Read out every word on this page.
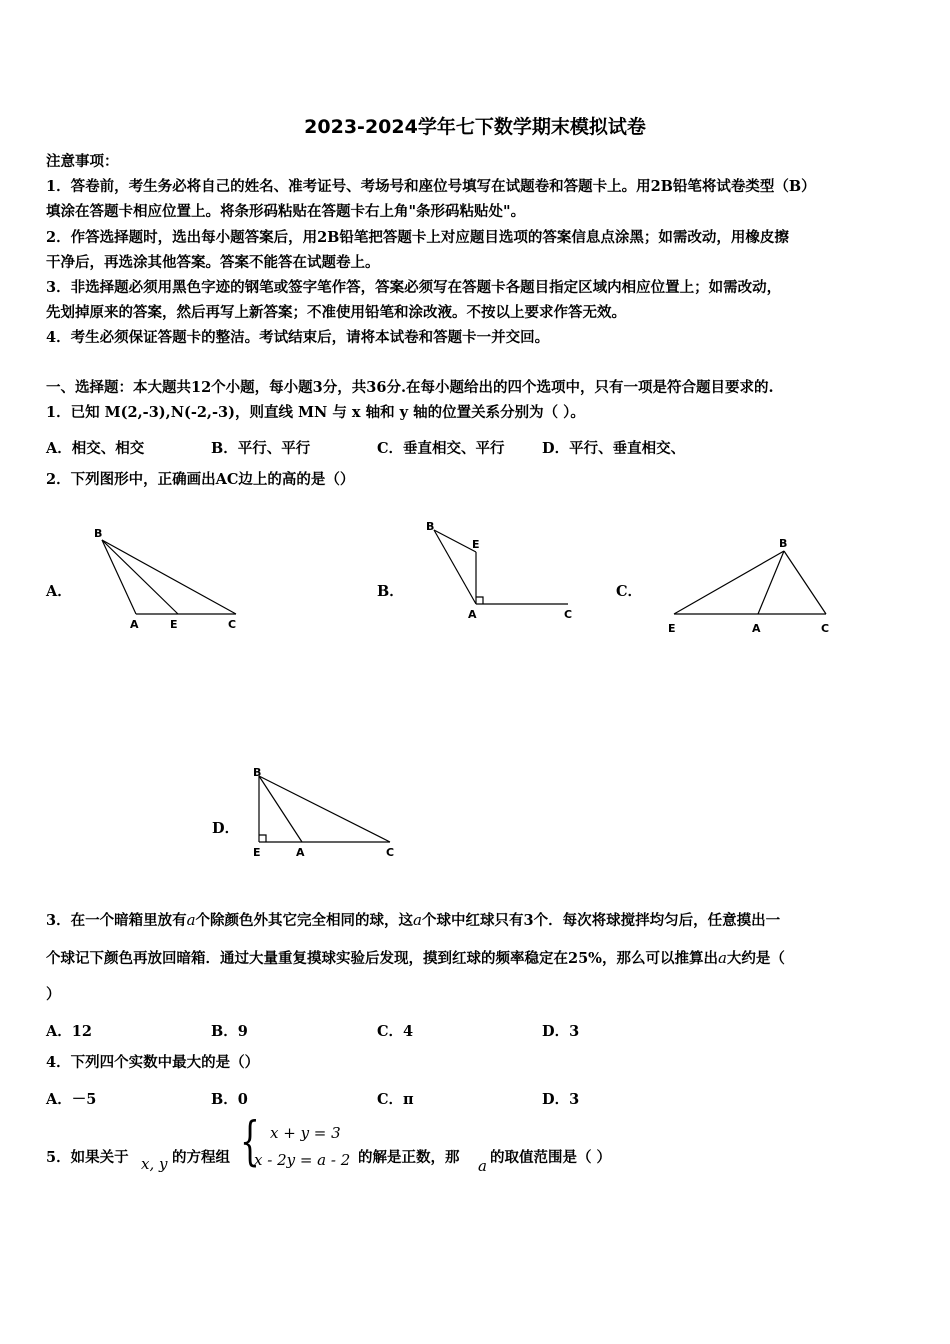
2023-2024学年七下数学期末模拟试卷
注意事项：
1．答卷前，考生务必将自己的姓名、准考证号、考场号和座位号填写在试题卷和答题卡上。用2B铅笔将试卷类型（B）
填涂在答题卡相应位置上。将条形码粘贴在答题卡右上角"条形码粘贴处"。
2．作答选择题时，选出每小题答案后，用2B铅笔把答题卡上对应题目选项的答案信息点涂黑；如需改动，用橡皮擦
干净后，再选涂其他答案。答案不能答在试题卷上。
3．非选择题必须用黑色字迹的钢笔或签字笔作答，答案必须写在答题卡各题目指定区域内相应位置上；如需改动，
先划掉原来的答案，然后再写上新答案；不准使用铅笔和涂改液。不按以上要求作答无效。
4．考生必须保证答题卡的整洁。考试结束后，请将本试卷和答题卡一并交回。
一、选择题：本大题共12个小题，每小题3分，共36分.在每小题给出的四个选项中，只有一项是符合题目要求的.
1．已知 M(2,-3),N(-2,-3)，则直线 MN 与 x 轴和 y 轴的位置关系分别为（ ）。
A．相交、相交	B．平行、平行	C．垂直相交、平行	D．平行、垂直相交、
2．下列图形中，正确画出AC边上的高的是（）
A．
B
A	E	C
B．
B
E
A	C
C．
B
E	A	C
D．
B
E	A	C
3．在一个暗箱里放有a个除颜色外其它完全相同的球，这a个球中红球只有3个．每次将球搅拌均匀后，任意摸出一
个球记下颜色再放回暗箱．通过大量重复摸球实验后发现，摸到红球的频率稳定在25%，那么可以推算出a大约是（
）
A．12	B．9	C．4	D．3
4．下列四个实数中最大的是（）
A．－5	B．0	C．π	D．3
5．如果关于 x, y 的方程组 { x + y = 3
x - 2y = a - 2 的解是正数，那 a 的取值范围是（ ）
